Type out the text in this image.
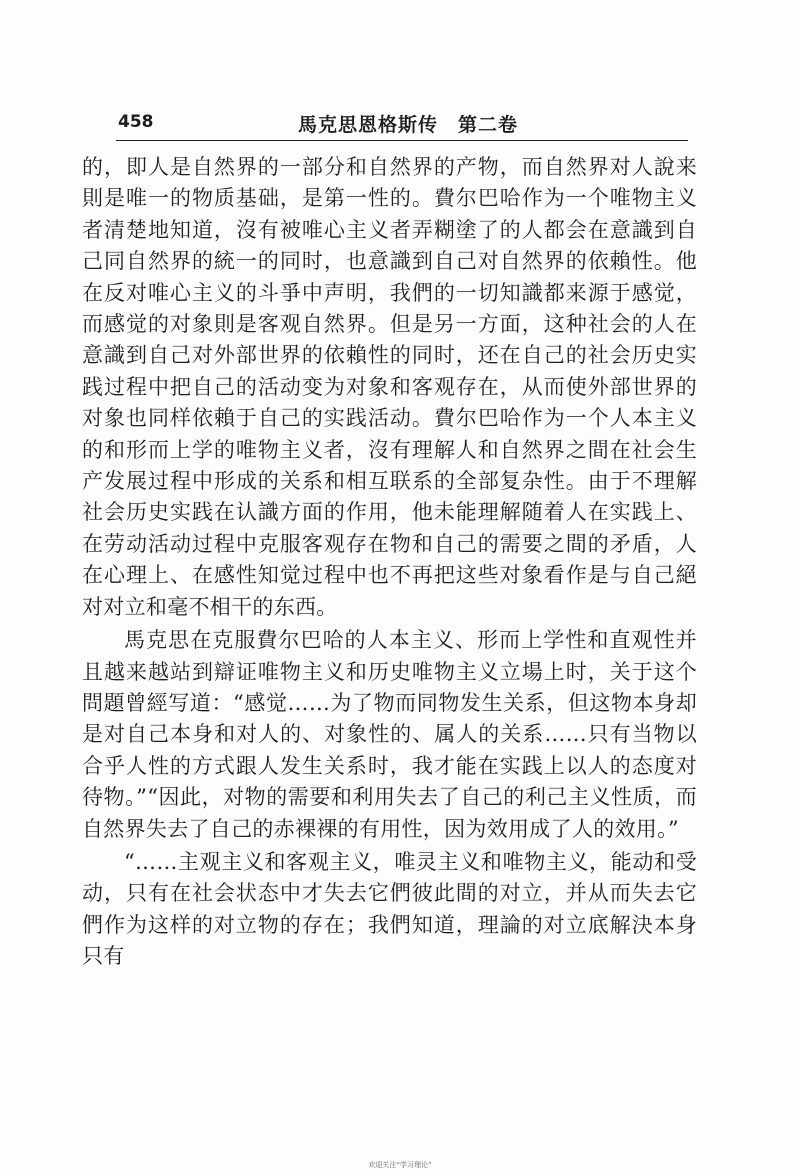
458	馬克思恩格斯传　第二卷

的，即人是自然界的一部分和自然界的产物，而自然界对人說来則是唯一的物质基础，是第一性的。費尔巴哈作为一个唯物主义者清楚地知道，沒有被唯心主义者弄糊塗了的人都会在意識到自己同自然界的統一的同时，也意識到自己对自然界的依賴性。他在反对唯心主义的斗爭中声明，我們的一切知識都来源于感觉，而感觉的对象則是客观自然界。但是另一方面，这种社会的人在意識到自己对外部世界的依賴性的同时，还在自己的社会历史实践过程中把自己的活动变为对象和客观存在，从而使外部世界的对象也同样依賴于自己的实践活动。費尔巴哈作为一个人本主义的和形而上学的唯物主义者，沒有理解人和自然界之間在社会生产发展过程中形成的关系和相互联系的全部复杂性。由于不理解社会历史实践在认識方面的作用，他未能理解随着人在实践上、在劳动活动过程中克服客观存在物和自己的需要之間的矛盾，人在心理上、在感性知觉过程中也不再把这些对象看作是与自己絕对对立和毫不相干的东西。

馬克思在克服費尔巴哈的人本主义、形而上学性和直观性并且越来越站到辯证唯物主义和历史唯物主义立場上时，关于这个問題曾經写道：“感觉……为了物而同物发生关系，但这物本身却是对自己本身和对人的、对象性的、属人的关系……只有当物以合乎人性的方式跟人发生关系时，我才能在实践上以人的态度对待物。”“因此，对物的需要和利用失去了自己的利己主义性质，而自然界失去了自己的赤裸裸的有用性，因为效用成了人的效用。”

“……主观主义和客观主义，唯灵主义和唯物主义，能动和受动，只有在社会状态中才失去它們彼此間的对立，并从而失去它們作为这样的对立物的存在；我們知道，理論的对立底解決本身只有

欢迎关注“学习理论”
